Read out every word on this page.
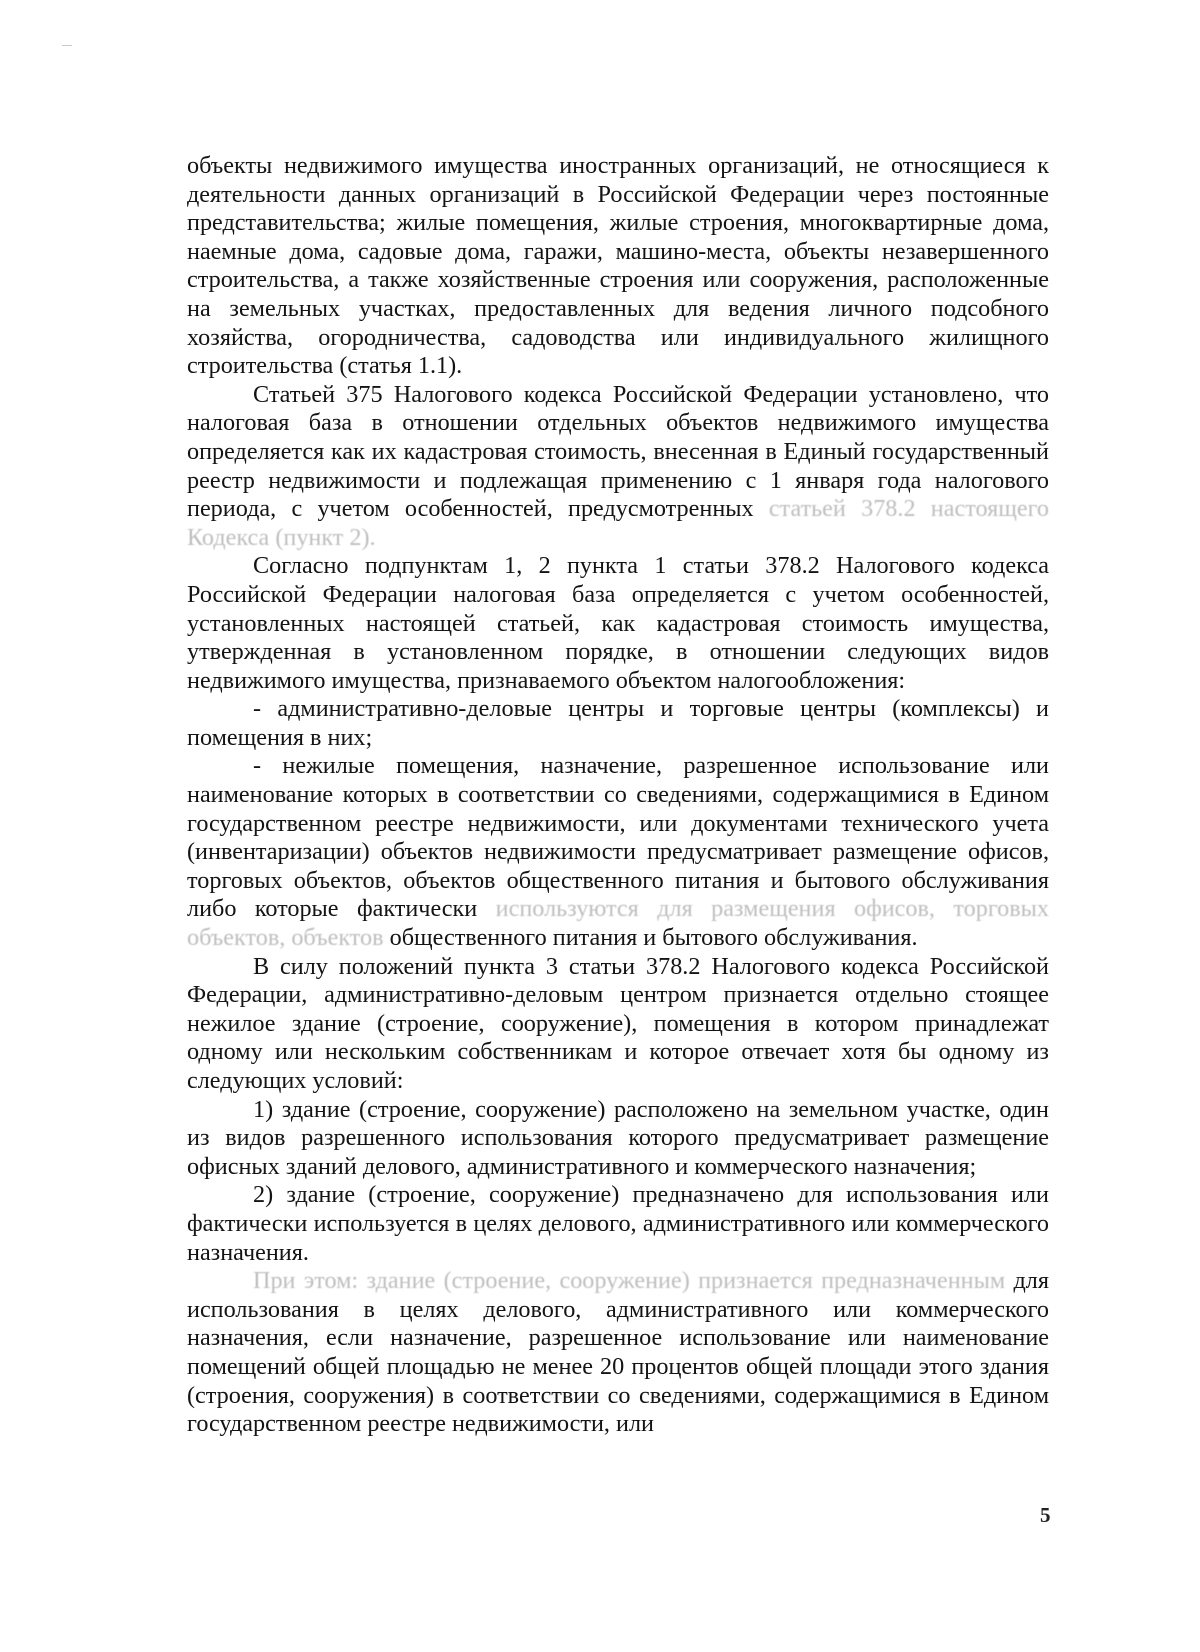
объекты недвижимого имущества иностранных организаций, не относящиеся к деятельности данных организаций в Российской Федерации через постоянные представительства; жилые помещения, жилые строения, многоквартирные дома, наемные дома, садовые дома, гаражи, машино-места, объекты незавершенного строительства, а также хозяйственные строения или сооружения, расположенные на земельных участках, предоставленных для ведения личного подсобного хозяйства, огородничества, садоводства или индивидуального жилищного строительства (статья 1.1).

Статьей 375 Налогового кодекса Российской Федерации установлено, что налоговая база в отношении отдельных объектов недвижимого имущества определяется как их кадастровая стоимость, внесенная в Единый государственный реестр недвижимости и подлежащая применению с 1 января года налогового периода, с учетом особенностей, предусмотренных статьей 378.2 настоящего Кодекса (пункт 2).

Согласно подпунктам 1, 2 пункта 1 статьи 378.2 Налогового кодекса Российской Федерации налоговая база определяется с учетом особенностей, установленных настоящей статьей, как кадастровая стоимость имущества, утвержденная в установленном порядке, в отношении следующих видов недвижимого имущества, признаваемого объектом налогообложения:

- административно-деловые центры и торговые центры (комплексы) и помещения в них;

- нежилые помещения, назначение, разрешенное использование или наименование которых в соответствии со сведениями, содержащимися в Едином государственном реестре недвижимости, или документами технического учета (инвентаризации) объектов недвижимости предусматривает размещение офисов, торговых объектов, объектов общественного питания и бытового обслуживания либо которые фактически используются для размещения офисов, торговых объектов, объектов общественного питания и бытового обслуживания.

В силу положений пункта 3 статьи 378.2 Налогового кодекса Российской Федерации, административно-деловым центром признается отдельно стоящее нежилое здание (строение, сооружение), помещения в котором принадлежат одному или нескольким собственникам и которое отвечает хотя бы одному из следующих условий:

1) здание (строение, сооружение) расположено на земельном участке, один из видов разрешенного использования которого предусматривает размещение офисных зданий делового, административного и коммерческого назначения;

2) здание (строение, сооружение) предназначено для использования или фактически используется в целях делового, административного или коммерческого назначения.

При этом: здание (строение, сооружение) признается предназначенным для использования в целях делового, административного или коммерческого назначения, если назначение, разрешенное использование или наименование помещений общей площадью не менее 20 процентов общей площади этого здания (строения, сооружения) в соответствии со сведениями, содержащимися в Едином государственном реестре недвижимости, или

5
